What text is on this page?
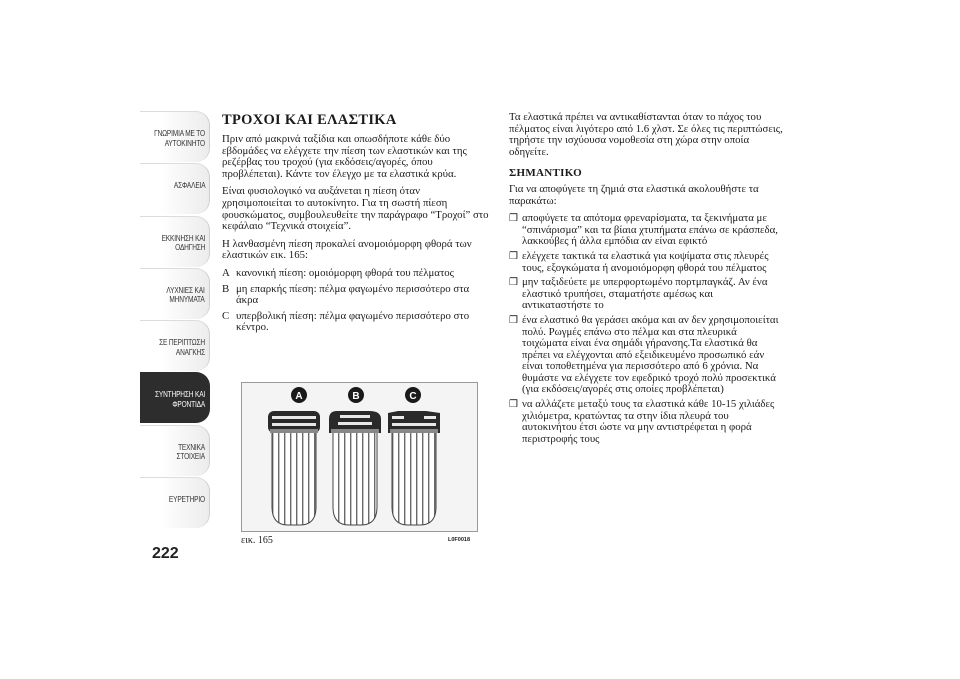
ΓΝΩΡΙΜΙΑ ΜΕ ΤΟ
ΑΥΤΟΚΙΝΗΤΟ
ΑΣΦΑΛΕΙΑ
ΕΚΚΙΝΗΣΗ ΚΑΙ
ΟΔΗΓΗΣΗ
ΛΥΧΝΙΕΣ ΚΑΙ
ΜΗΝΥΜΑΤΑ
ΣΕ ΠΕΡΙΠΤΩΣΗ
ΑΝΑΓΚΗΣ
ΣΥΝΤΗΡΗΣΗ ΚΑΙ
ΦΡΟΝΤΙΔΑ
ΤΕΧΝΙΚΑ ΣΤΟΙΧΕΙΑ
ΕΥΡΕΤΗΡΙΟ
222
ΤΡΟΧΟΙ ΚΑΙ ΕΛΑΣΤΙΚΑ

Πριν από μακρινά ταξίδια και οπωσδήποτε κάθε δύο εβδομάδες να ελέγχετε την πίεση των ελαστικών και της ρεζέρβας του τροχού (για εκδόσεις/αγορές, όπου προβλέπεται). Κάντε τον έλεγχο με τα ελαστικά κρύα.

Είναι φυσιολογικό να αυξάνεται η πίεση όταν χρησιμοποιείται το αυτοκίνητο. Για τη σωστή πίεση φουσκώματος, συμβουλευθείτε την παράγραφο “Τροχοί” στο κεφάλαιο “Τεχνικά στοιχεία”.

Η λανθασμένη πίεση προκαλεί ανομοιόμορφη φθορά των ελαστικών εικ. 165:

A κανονική πίεση: ομοιόμορφη φθορά του πέλματος
B μη επαρκής πίεση: πέλμα φαγωμένο περισσότερο στα άκρα
C υπερβολική πίεση: πέλμα φαγωμένο περισσότερο στο κέντρο.
A	B	C
εικ. 165	L0F0018

Τα ελαστικά πρέπει να αντικαθίστανται όταν το πάχος του πέλματος είναι λιγότερο από 1.6 χλστ. Σε όλες τις περιπτώσεις, τηρήστε την ισχύουσα νομοθεσία στη χώρα στην οποία οδηγείτε.

ΣΗΜΑΝΤΙΚΟ

Για να αποφύγετε τη ζημιά στα ελαστικά ακολουθήστε τα παρακάτω:

❒ αποφύγετε τα απότομα φρεναρίσματα, τα ξεκινήματα με “σπινάρισμα” και τα βίαια χτυπήματα επάνω σε κράσπεδα, λακκούβες ή άλλα εμπόδια αν είναι εφικτό
❒ ελέγχετε τακτικά τα ελαστικά για κοψίματα στις πλευρές τους, εξογκώματα ή ανομοιόμορφη φθορά του πέλματος
❒ μην ταξιδεύετε με υπερφορτωμένο πορτμπαγκάζ. Αν ένα ελαστικό τρυπήσει, σταματήστε αμέσως και αντικαταστήστε το
❒ ένα ελαστικό θα γεράσει ακόμα και αν δεν χρησιμοποιείται πολύ. Ρωγμές επάνω στο πέλμα και στα πλευρικά τοιχώματα είναι ένα σημάδι γήρανσης.Τα ελαστικά θα πρέπει να ελέγχονται από εξειδικευμένο προσωπικό εάν είναι τοποθετημένα για περισσότερο από 6 χρόνια. Να θυμάστε να ελέγχετε τον εφεδρικό τροχό πολύ προσεκτικά (για εκδόσεις/αγορές στις οποίες προβλέπεται)
❒ να αλλάζετε μεταξύ τους τα ελαστικά κάθε 10-15 χιλιάδες χιλιόμετρα, κρατώντας τα στην ίδια πλευρά του αυτοκινήτου έτσι ώστε να μην αντιστρέφεται η φορά περιστροφής τους
